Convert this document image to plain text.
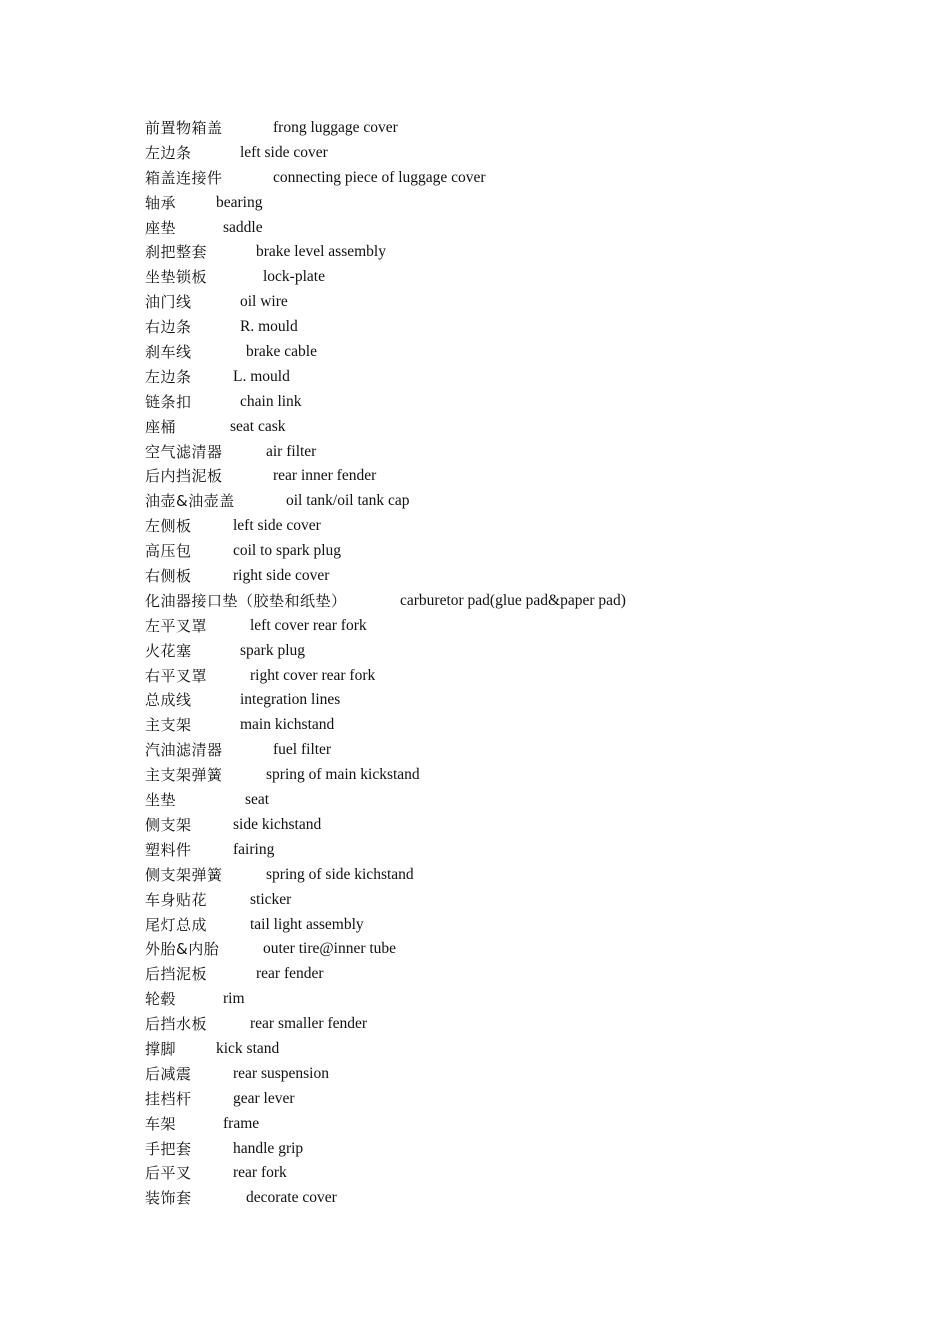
前置物箱盖	frong luggage cover
左边条	left side cover
箱盖连接件	connecting piece of luggage cover
轴承	bearing
座垫	saddle
刹把整套	brake level assembly
坐垫锁板	lock-plate
油门线	oil wire
右边条	R. mould
刹车线	brake cable
左边条	L. mould
链条扣	chain link
座桶	seat cask
空气滤清器	air filter
后内挡泥板	rear inner fender
油壶&油壶盖	oil tank/oil tank cap
左侧板	left side cover
高压包	coil to spark plug
右侧板	right side cover
化油器接口垫（胶垫和纸垫）	carburetor pad(glue pad&paper pad)
左平叉罩	left cover rear fork
火花塞	spark plug
右平叉罩	right cover rear fork
总成线	integration lines
主支架	main kichstand
汽油滤清器	fuel filter
主支架弹簧	spring of main kickstand
坐垫	seat
侧支架	side kichstand
塑料件	fairing
侧支架弹簧	spring of side kichstand
车身贴花	sticker
尾灯总成	tail light assembly
外胎&内胎	outer tire@inner tube
后挡泥板	rear fender
轮毂	rim
后挡水板	rear smaller fender
撑脚	kick stand
后减震	rear suspension
挂档杆	gear lever
车架	frame
手把套	handle grip
后平叉	rear fork
装饰套	decorate cover
